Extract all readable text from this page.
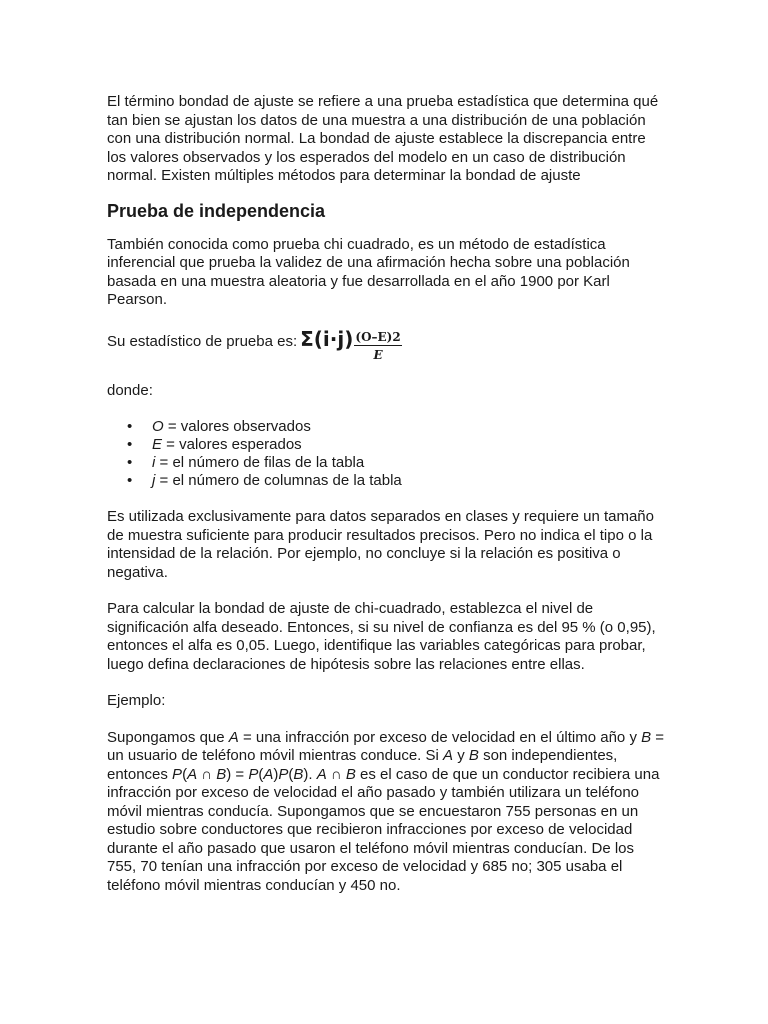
El término bondad de ajuste se refiere a una prueba estadística que determina qué tan bien se ajustan los datos de una muestra a una distribución de una población con una distribución normal. La bondad de ajuste establece la discrepancia entre los valores observados y los esperados del modelo en un caso de distribución normal. Existen múltiples métodos para determinar la bondad de ajuste

Prueba de independencia

También conocida como prueba chi cuadrado, es un método de estadística inferencial que prueba la validez de una afirmación hecha sobre una población basada en una muestra aleatoria y fue desarrollada en el año 1900 por Karl Pearson.

Su estadístico de prueba es: $\Sigma(i\cdot j) \frac{(O-E)2}{E}$

donde:

• O = valores observados
• E = valores esperados
• i = el número de filas de la tabla
• j = el número de columnas de la tabla

Es utilizada exclusivamente para datos separados en clases y requiere un tamaño de muestra suficiente para producir resultados precisos. Pero no indica el tipo o la intensidad de la relación. Por ejemplo, no concluye si la relación es positiva o negativa.

Para calcular la bondad de ajuste de chi-cuadrado, establezca el nivel de significación alfa deseado. Entonces, si su nivel de confianza es del 95 % (o 0,95), entonces el alfa es 0,05. Luego, identifique las variables categóricas para probar, luego defina declaraciones de hipótesis sobre las relaciones entre ellas.

Ejemplo:

Supongamos que A = una infracción por exceso de velocidad en el último año y B = un usuario de teléfono móvil mientras conduce. Si A y B son independientes, entonces P(A ∩ B) = P(A)P(B). A ∩ B es el caso de que un conductor recibiera una infracción por exceso de velocidad el año pasado y también utilizara un teléfono móvil mientras conducía. Supongamos que se encuestaron 755 personas en un estudio sobre conductores que recibieron infracciones por exceso de velocidad durante el año pasado que usaron el teléfono móvil mientras conducían. De los 755, 70 tenían una infracción por exceso de velocidad y 685 no; 305 usaba el teléfono móvil mientras conducían y 450 no.
